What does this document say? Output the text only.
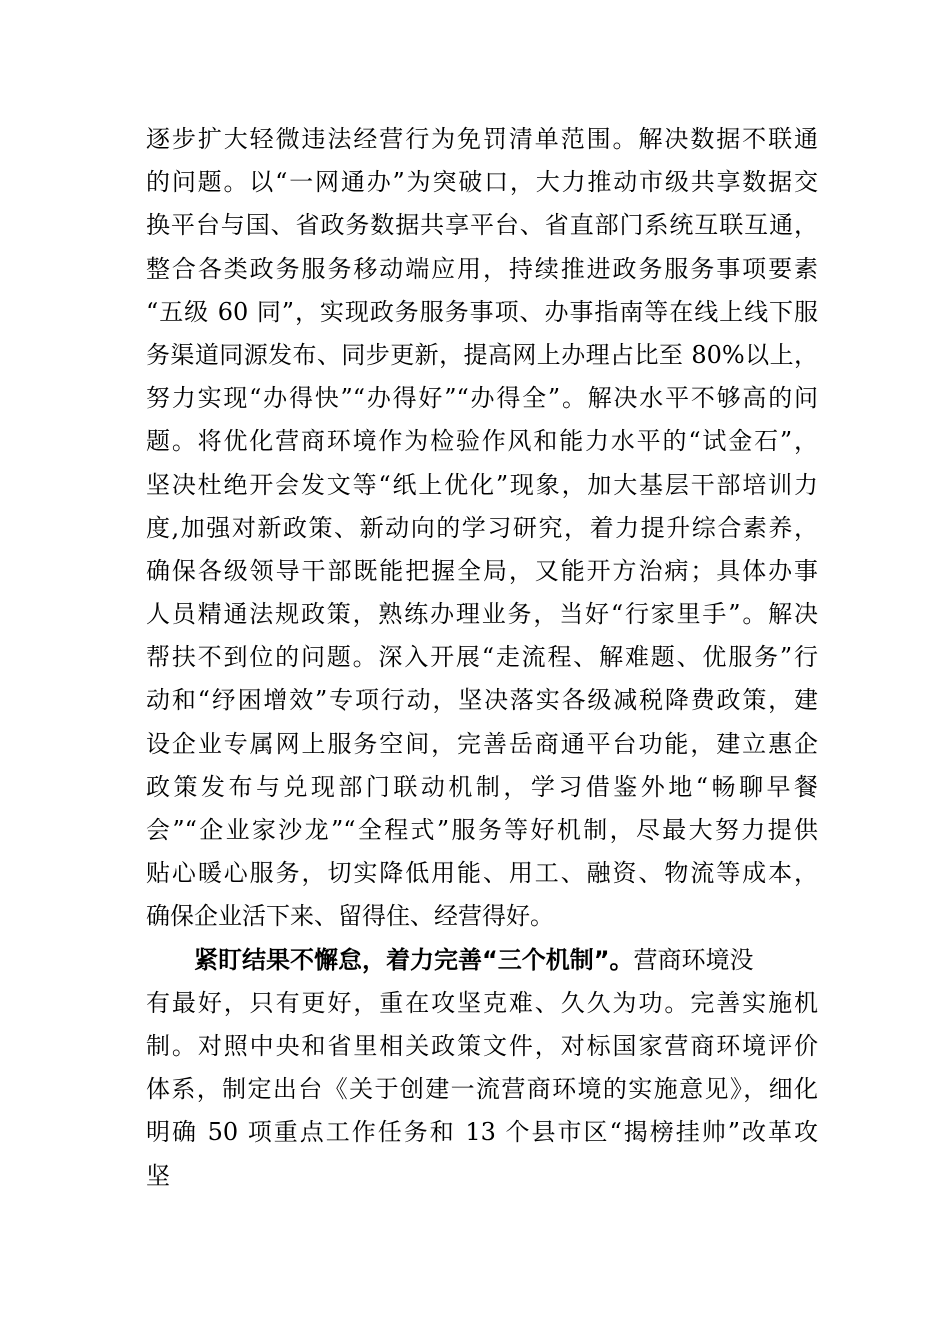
逐步扩大轻微违法经营行为免罚清单范围。解决数据不联通
的问题。以“一网通办”为突破口，大力推动市级共享数据交
换平台与国、省政务数据共享平台、省直部门系统互联互通，
整合各类政务服务移动端应用，持续推进政务服务事项要素
“五级 60 同”，实现政务服务事项、办事指南等在线上线下服
务渠道同源发布、同步更新，提高网上办理占比至 80%以上，
努力实现“办得快”“办得好”“办得全”。解决水平不够高的问
题。将优化营商环境作为检验作风和能力水平的“试金石”，
坚决杜绝开会发文等“纸上优化”现象，加大基层干部培训力
度,加强对新政策、新动向的学习研究，着力提升综合素养，
确保各级领导干部既能把握全局，又能开方治病；具体办事
人员精通法规政策，熟练办理业务，当好“行家里手”。解决
帮扶不到位的问题。深入开展“走流程、解难题、优服务”行
动和“纾困增效”专项行动，坚决落实各级减税降费政策，建
设企业专属网上服务空间，完善岳商通平台功能，建立惠企
政策发布与兑现部门联动机制，学习借鉴外地“畅聊早餐
会”“企业家沙龙”“全程式”服务等好机制，尽最大努力提供
贴心暖心服务，切实降低用能、用工、融资、物流等成本，
确保企业活下来、留得住、经营得好。
紧盯结果不懈怠，着力完善“三个机制”。营商环境没
有最好，只有更好，重在攻坚克难、久久为功。完善实施机
制。对照中央和省里相关政策文件，对标国家营商环境评价
体系，制定出台《关于创建一流营商环境的实施意见》，细化
明确 50 项重点工作任务和 13 个县市区“揭榜挂帅”改革攻
坚
